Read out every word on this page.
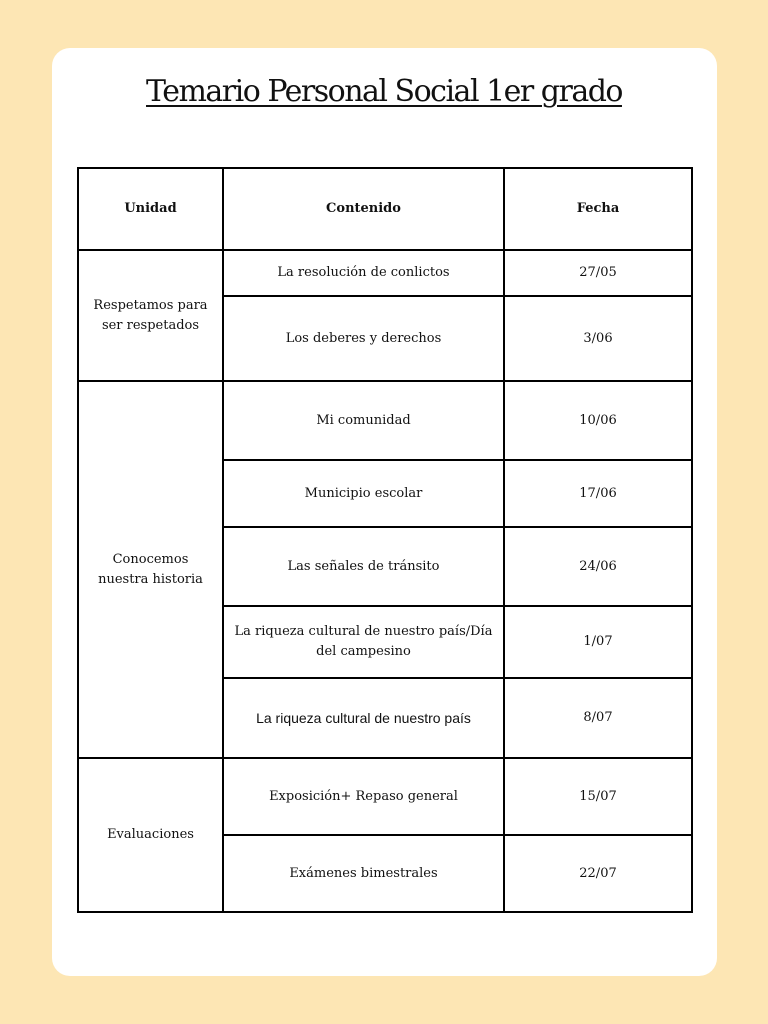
Temario Personal Social 1er grado
Unidad	Contenido	Fecha
Respetamos para ser respetados	La resolución de conlictos	27/05
	Los deberes y derechos	3/06
Conocemos nuestra historia	Mi comunidad	10/06
	Municipio escolar	17/06
	Las señales de tránsito	24/06
	La riqueza cultural de nuestro país/Día del campesino	1/07
	La riqueza cultural de nuestro país	8/07
Evaluaciones	Exposición+ Repaso general	15/07
	Exámenes bimestrales	22/07
